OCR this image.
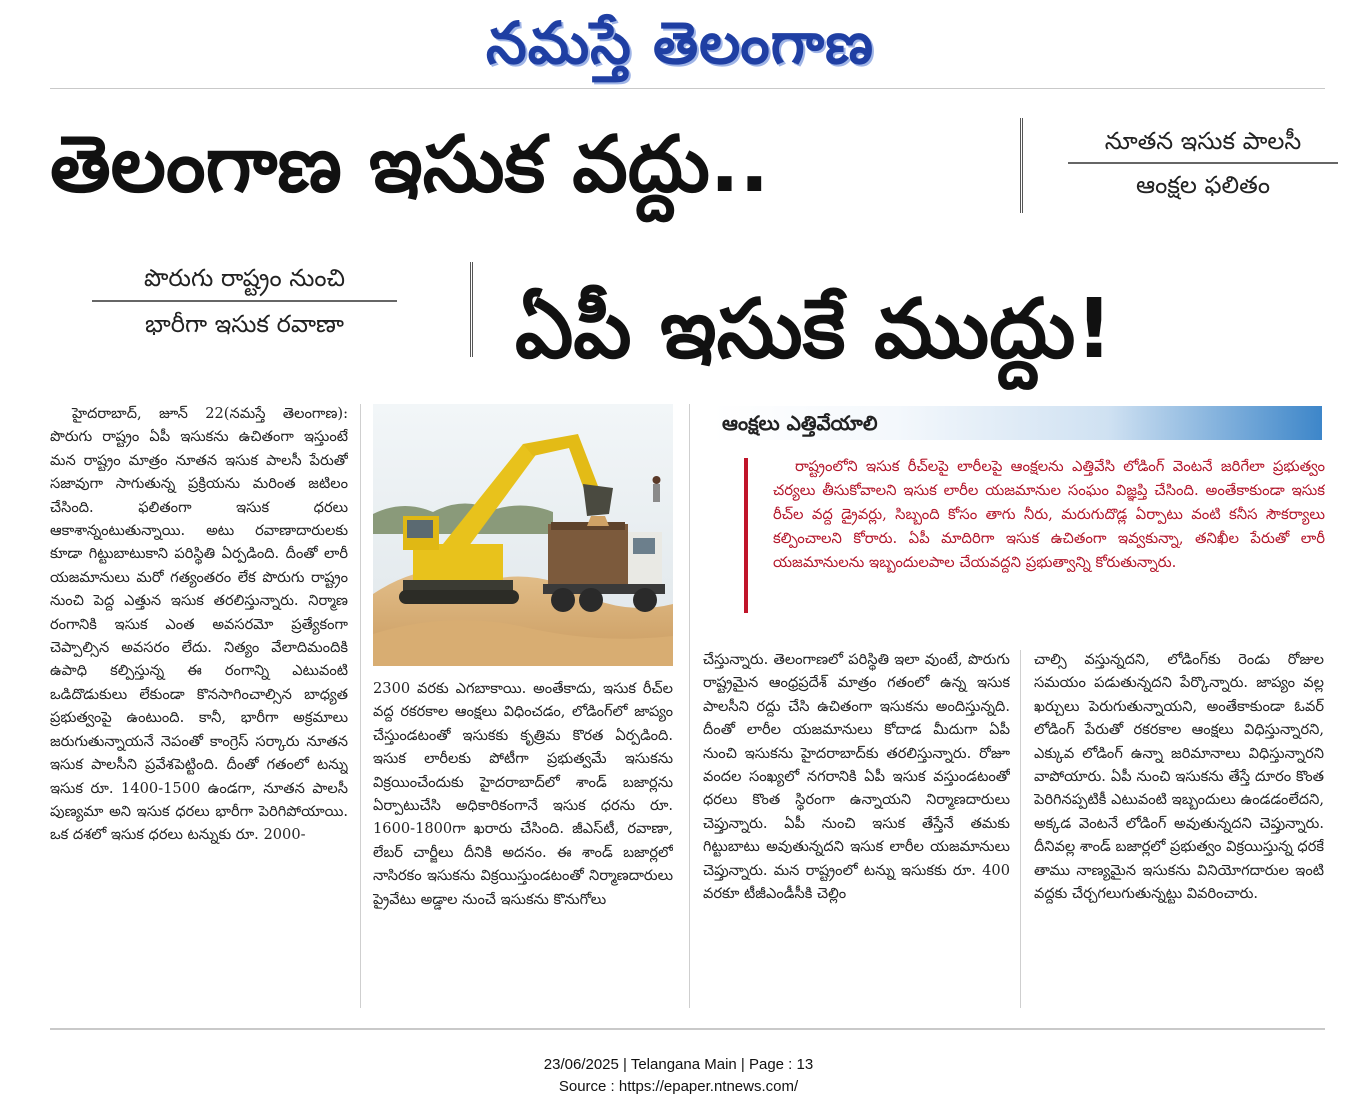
నమస్తే తెలంగాణ
తెలంగాణ ఇసుక వద్దు..	నూతన ఇసుక పాలసీ
ఆంక్షల ఫలితం
పొరుగు రాష్ట్రం నుంచి
భారీగా ఇసుక రవాణా	ఏపీ ఇసుకే ముద్దు!

హైదరాబాద్, జూన్ 22(నమస్తే తెలంగాణ): పొరుగు రాష్ట్రం ఏపీ ఇసుకను ఉచితంగా ఇస్తుంటే మన రాష్ట్రం మాత్రం నూతన ఇసుక పాలసీ పేరుతో సజావుగా సాగుతున్న ప్రక్రియను మరింత జటిలం చేసింది. ఫలితంగా ఇసుక ధరలు ఆకాశాన్నంటుతున్నాయి. అటు రవాణాదారులకు కూడా గిట్టుబాటుకాని పరిస్థితి ఏర్పడింది. దీంతో లారీ యజమానులు మరో గత్యంతరం లేక పొరుగు రాష్ట్రం నుంచి పెద్ద ఎత్తున ఇసుక తరలిస్తున్నారు. నిర్మాణ రంగానికి ఇసుక ఎంత అవసరమో ప్రత్యేకంగా చెప్పాల్సిన అవసరం లేదు. నిత్యం వేలాదిమందికి ఉపాధి కల్పిస్తున్న ఈ రంగాన్ని ఎటువంటి ఒడిదొడుకులు లేకుండా కొనసాగించాల్సిన బాధ్యత ప్రభుత్వంపై ఉంటుంది. కానీ, భారీగా అక్రమాలు జరుగుతున్నాయనే నెపంతో కాంగ్రెస్ సర్కారు నూతన ఇసుక పాలసీని ప్రవేశపెట్టింది. దీంతో గతంలో టన్ను ఇసుక రూ. 1400-1500 ఉండగా, నూతన పాలసీ పుణ్యమా అని ఇసుక ధరలు భారీగా పెరిగిపోయాయి. ఒక దశలో ఇసుక ధరలు టన్నుకు రూ. 2000-

2300 వరకు ఎగబాకాయి. అంతేకాదు, ఇసుక రీచ్‌ల వద్ద రకరకాల ఆంక్షలు విధించడం, లోడింగ్‌లో జాప్యం చేస్తుండటంతో ఇసుకకు కృత్రిమ కొరత ఏర్పడింది. ఇసుక లారీలకు పోటీగా ప్రభుత్వమే ఇసుకను విక్రయించేందుకు హైదరాబాద్‌లో శాండ్ బజార్లను ఏర్పాటుచేసి అధికారికంగానే ఇసుక ధరను రూ. 1600-1800గా ఖరారు చేసింది. జీఎస్‌టీ, రవాణా, లేబర్ చార్జీలు దీనికి అదనం. ఈ శాండ్ బజార్లలో నాసిరకం ఇసుకను విక్రయిస్తుండటంతో నిర్మాణదారులు ప్రైవేటు అడ్డాల నుంచే ఇసుకను కొనుగోలు

ఆంక్షలు ఎత్తివేయాలి

రాష్ట్రంలోని ఇసుక రీచ్‌లపై లారీలపై ఆంక్షలను ఎత్తివేసి లోడింగ్ వెంటనే జరిగేలా ప్రభుత్వం చర్యలు తీసుకోవాలని ఇసుక లారీల యజమానుల సంఘం విజ్ఞప్తి చేసింది. అంతేకాకుండా ఇసుక రీచ్‌ల వద్ద డ్రైవర్లు, సిబ్బంది కోసం తాగు నీరు, మరుగుదొడ్ల ఏర్పాటు వంటి కనీస సౌకర్యాలు కల్పించాలని కోరారు. ఏపీ మాదిరిగా ఇసుక ఉచితంగా ఇవ్వకున్నా, తనిఖీల పేరుతో లారీ యజమానులను ఇబ్బందులపాల చేయవద్దని ప్రభుత్వాన్ని కోరుతున్నారు.

చేస్తున్నారు. తెలంగాణలో పరిస్థితి ఇలా వుంటే, పొరుగు రాష్ట్రమైన ఆంధ్రప్రదేశ్ మాత్రం గతంలో ఉన్న ఇసుక పాలసీని రద్దు చేసి ఉచితంగా ఇసుకను అందిస్తున్నది. దీంతో లారీల యజమానులు కోదాడ మీదుగా ఏపీ నుంచి ఇసుకను హైదరాబాద్‌కు తరలిస్తున్నారు. రోజూ వందల సంఖ్యలో నగరానికి ఏపీ ఇసుక వస్తుండటంతో ధరలు కొంత స్థిరంగా ఉన్నాయని నిర్మాణదారులు చెప్తున్నారు. ఏపీ నుంచి ఇసుక తేస్తేనే తమకు గిట్టుబాటు అవుతున్నదని ఇసుక లారీల యజమానులు చెప్తున్నారు. మన రాష్ట్రంలో టన్ను ఇసుకకు రూ. 400 వరకూ టీజీఎండీసీకి చెల్లిం

చాల్సి వస్తున్నదని, లోడింగ్‌కు రెండు రోజుల సమయం పడుతున్నదని పేర్కొన్నారు. జాప్యం వల్ల ఖర్చులు పెరుగుతున్నాయని, అంతేకాకుండా ఓవర్ లోడింగ్ పేరుతో రకరకాల ఆంక్షలు విధిస్తున్నారని, ఎక్కువ లోడింగ్ ఉన్నా జరిమానాలు విధిస్తున్నారని వాపోయారు. ఏపీ నుంచి ఇసుకను తేస్తే దూరం కొంత పెరిగినప్పటికీ ఎటువంటి ఇబ్బందులు ఉండడంలేదని, అక్కడ వెంటనే లోడింగ్ అవుతున్నదని చెప్తున్నారు. దీనివల్ల శాండ్ బజార్లలో ప్రభుత్వం విక్రయిస్తున్న ధరకే తాము నాణ్యమైన ఇసుకను వినియోగదారుల ఇంటి వద్దకు చేర్చగలుగుతున్నట్టు వివరించారు.

23/06/2025 | Telangana Main | Page : 13
Source : https://epaper.ntnews.com/
